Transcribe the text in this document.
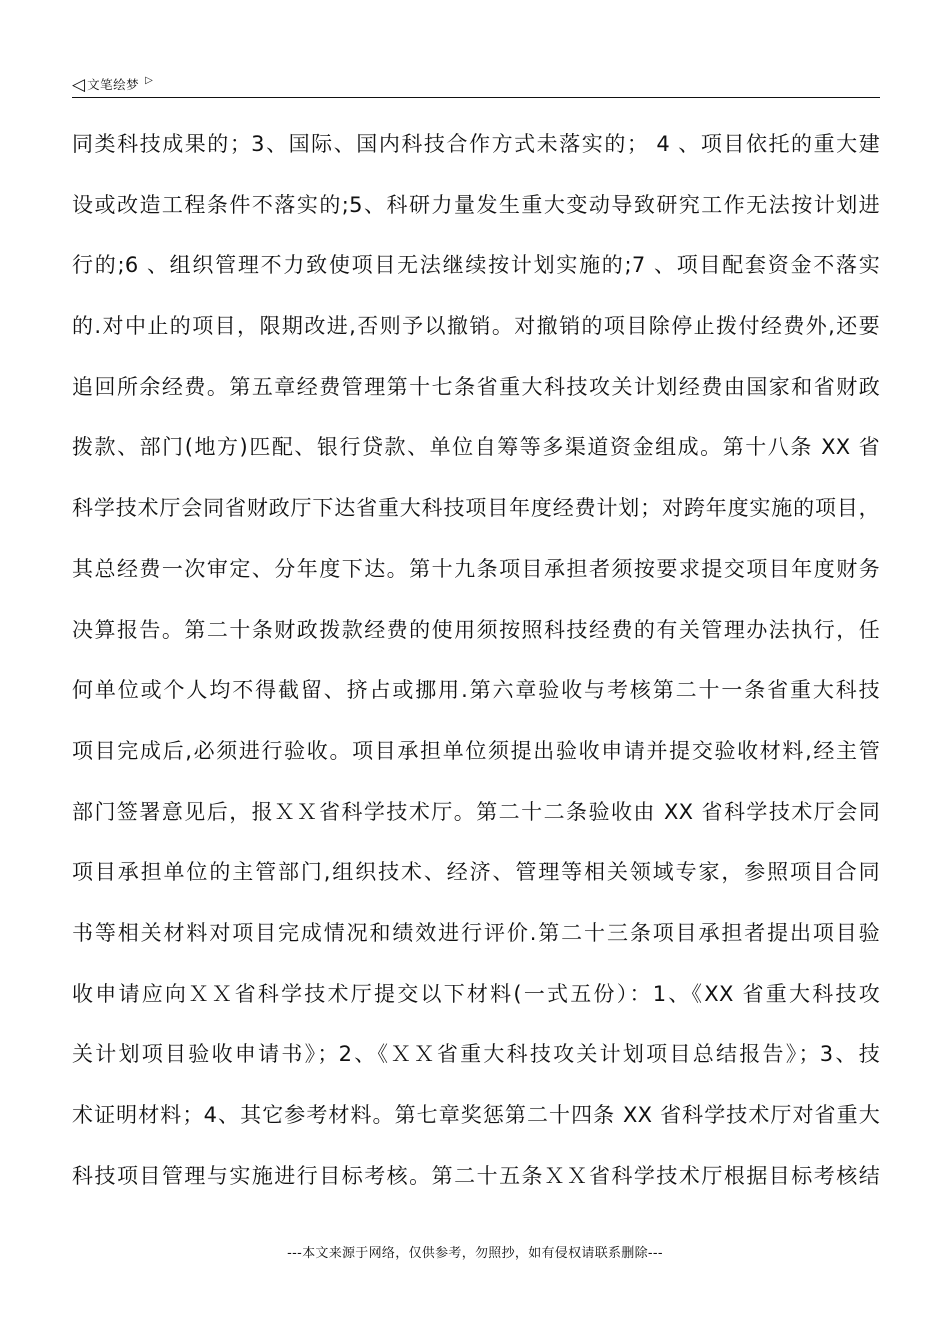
◁ 文笔绘梦 ▷
同类科技成果的；3、国际、国内科技合作方式未落实的； 4 、项目依托的重大建
设或改造工程条件不落实的;5、科研力量发生重大变动导致研究工作无法按计划进
行的;6 、组织管理不力致使项目无法继续按计划实施的;7 、项目配套资金不落实
的.对中止的项目，限期改进,否则予以撤销。对撤销的项目除停止拨付经费外,还要
追回所余经费。第五章经费管理第十七条省重大科技攻关计划经费由国家和省财政
拨款、部门(地方)匹配、银行贷款、单位自筹等多渠道资金组成。第十八条 XX 省
科学技术厅会同省财政厅下达省重大科技项目年度经费计划；对跨年度实施的项目，
其总经费一次审定、分年度下达。第十九条项目承担者须按要求提交项目年度财务
决算报告。第二十条财政拨款经费的使用须按照科技经费的有关管理办法执行，任
何单位或个人均不得截留、挤占或挪用.第六章验收与考核第二十一条省重大科技
项目完成后,必须进行验收。项目承担单位须提出验收申请并提交验收材料,经主管
部门签署意见后，报ＸＸ省科学技术厅。第二十二条验收由 XX 省科学技术厅会同
项目承担单位的主管部门,组织技术、经济、管理等相关领域专家，参照项目合同
书等相关材料对项目完成情况和绩效进行评价.第二十三条项目承担者提出项目验
收申请应向ＸＸ省科学技术厅提交以下材料(一式五份）：1、《XX 省重大科技攻
关计划项目验收申请书》；2、《ＸＸ省重大科技攻关计划项目总结报告》；3、技
术证明材料；4、其它参考材料。第七章奖惩第二十四条 XX 省科学技术厅对省重大
科技项目管理与实施进行目标考核。第二十五条ＸＸ省科学技术厅根据目标考核结
---本文来源于网络，仅供参考，勿照抄，如有侵权请联系删除---
